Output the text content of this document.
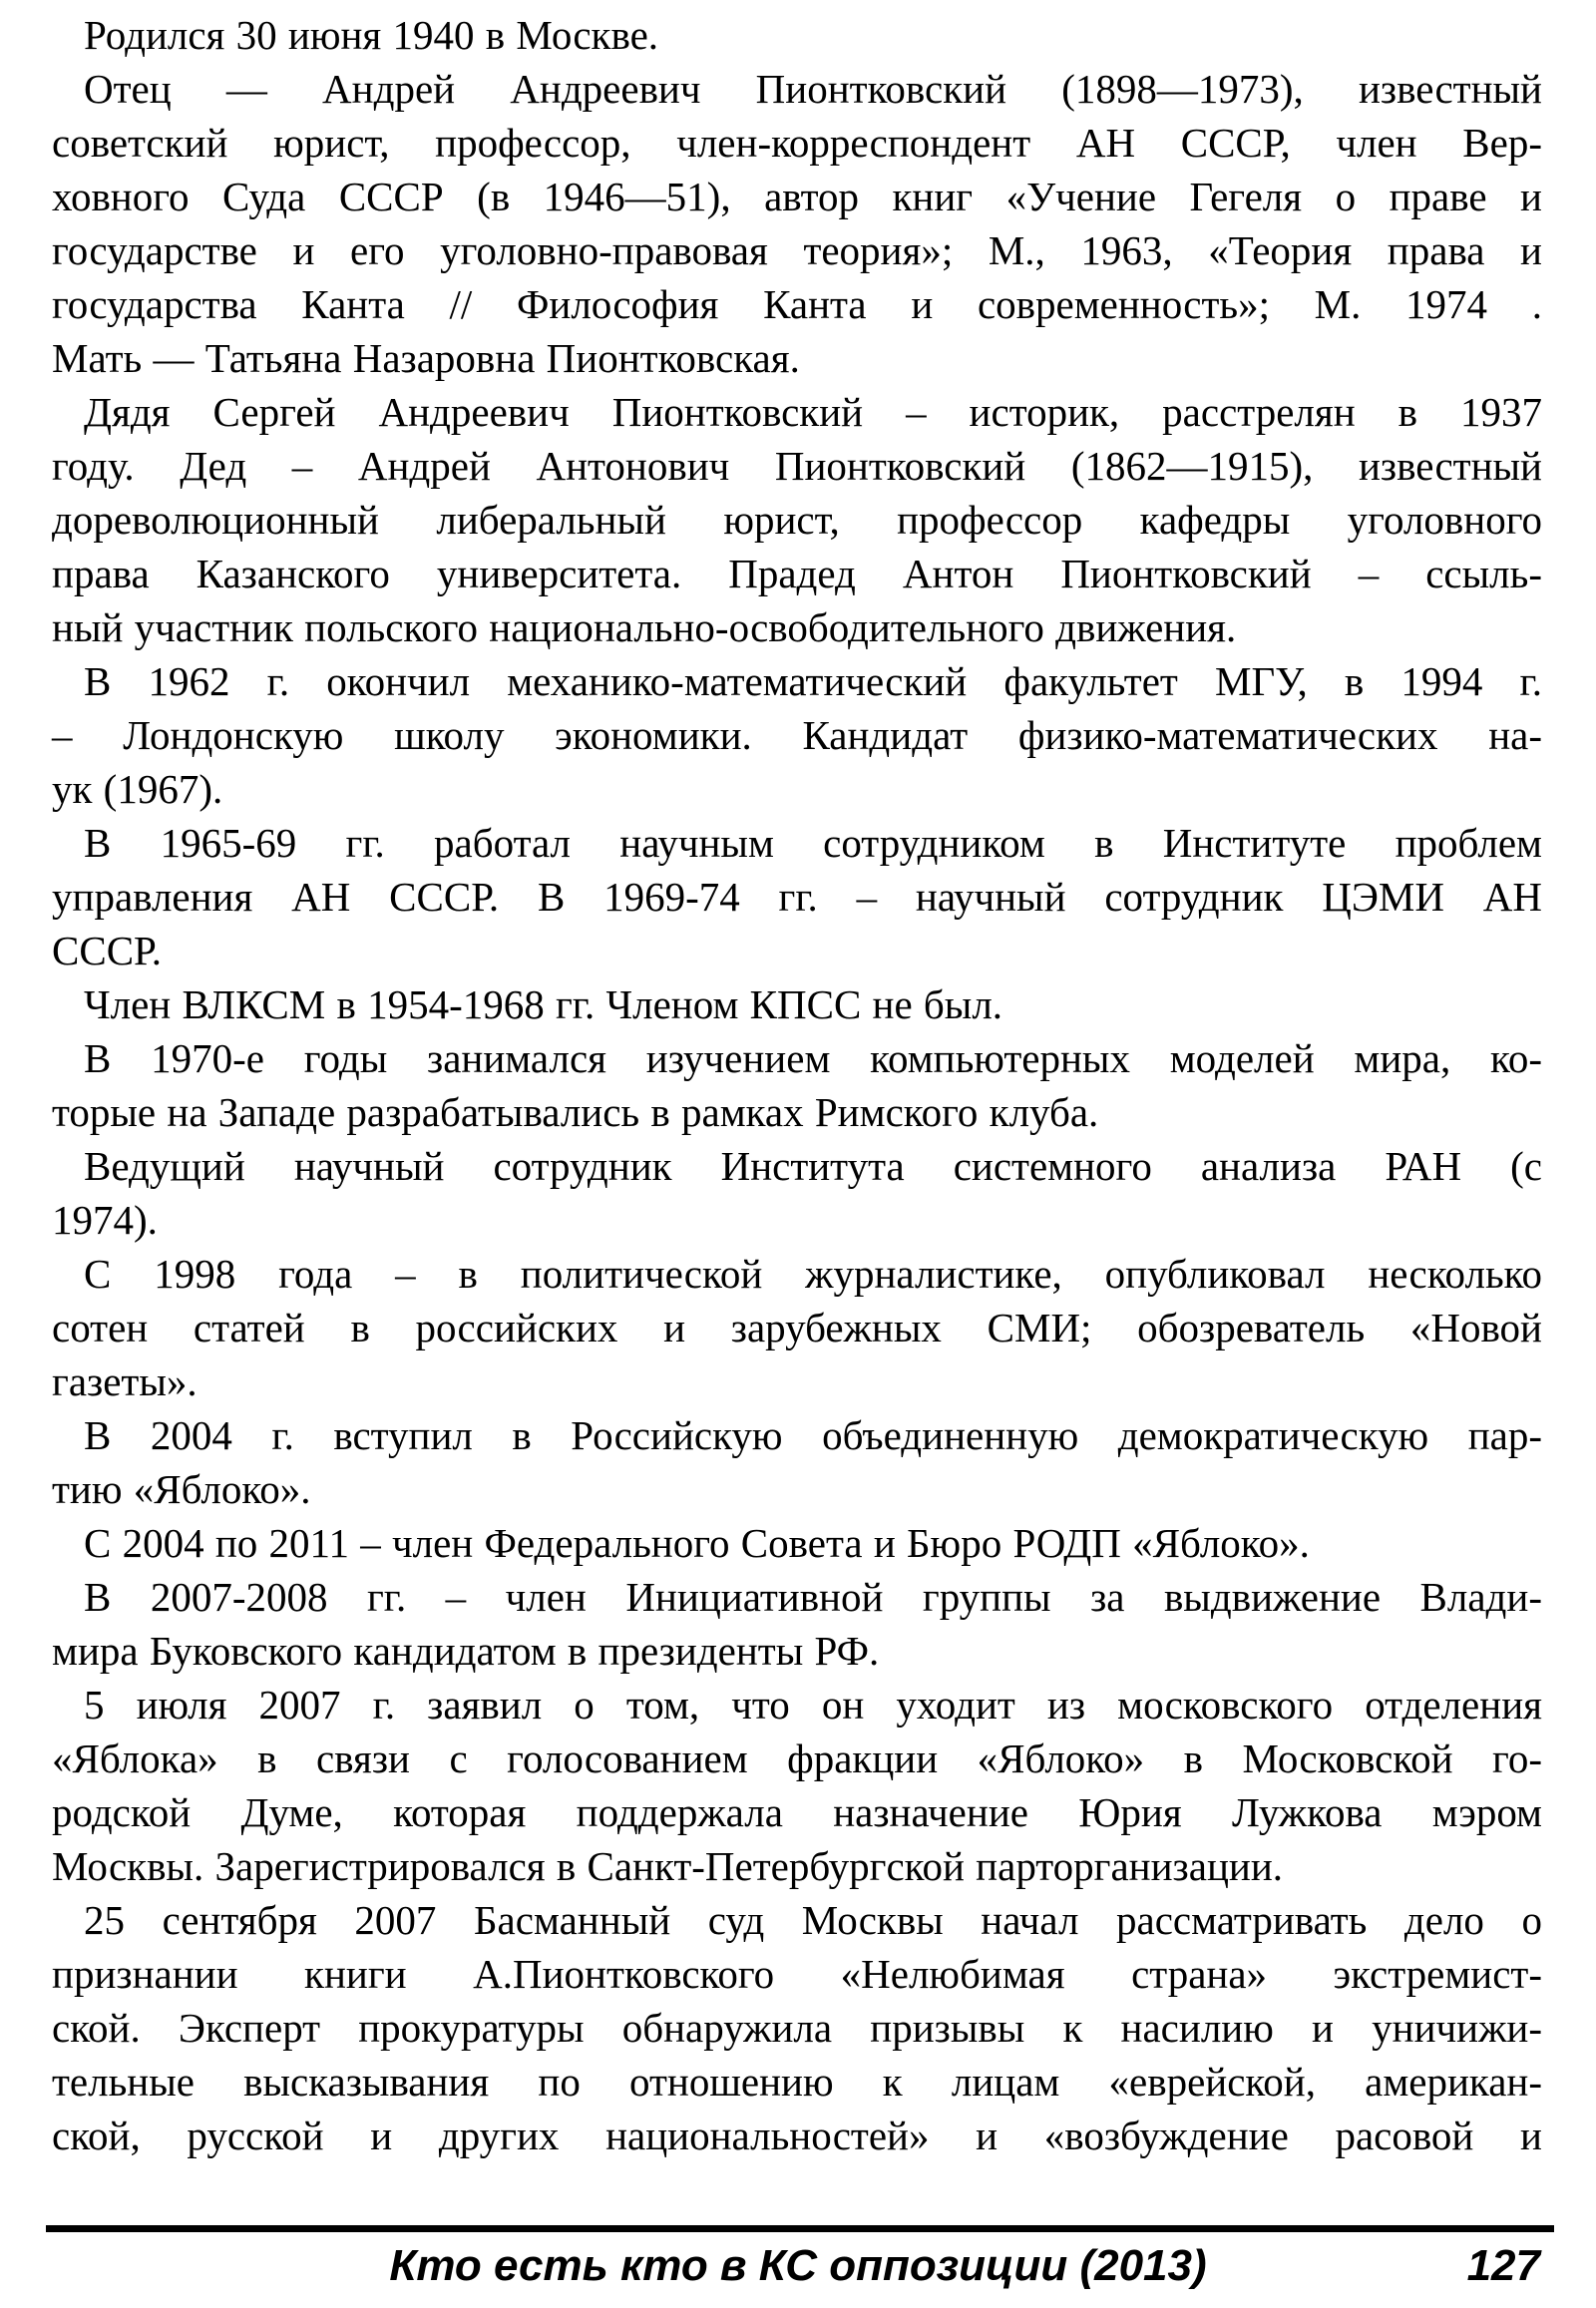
Родился 30 июня 1940 в Москве.
Отец — Андрей Андреевич Пионтковский (1898—1973), известный
советский юрист, профессор, член-корреспондент АН СССР, член Вер-
ховного Суда СССР (в 1946—51), автор книг «Учение Гегеля о праве и
государстве и его уголовно-правовая теория»; М., 1963, «Теория права и
государства Канта // Философия Канта и современность»; М. 1974 .
Мать — Татьяна Назаровна Пионтковская.
Дядя Сергей Андреевич Пионтковский – историк, расстрелян в 1937
году. Дед – Андрей Антонович Пионтковский (1862—1915), известный
дореволюционный либеральный юрист, профессор кафедры уголовного
права Казанского университета. Прадед Антон Пионтковский – ссыль-
ный участник польского национально-освободительного движения.
В 1962 г. окончил механико-математический факультет МГУ, в 1994 г.
– Лондонскую школу экономики. Кандидат физико-математических на-
ук (1967).
В 1965-69 гг. работал научным сотрудником в Институте проблем
управления АН СССР. В 1969-74 гг. – научный сотрудник ЦЭМИ АН
СССР.
Член ВЛКСМ в 1954-1968 гг. Членом КПСС не был.
В 1970-е годы занимался изучением компьютерных моделей мира, ко-
торые на Западе разрабатывались в рамках Римского клуба.
Ведущий научный сотрудник Института системного анализа РАН (с
1974).
С 1998 года – в политической журналистике, опубликовал несколько
сотен статей в российских и зарубежных СМИ; обозреватель «Новой
газеты».
В 2004 г. вступил в Российскую объединенную демократическую пар-
тию «Яблоко».
С 2004 по 2011 – член Федерального Совета и Бюро РОДП «Яблоко».
В 2007-2008 гг. – член Инициативной группы за выдвижение Влади-
мира Буковского кандидатом в президенты РФ.
5 июля 2007 г. заявил о том, что он уходит из московского отделения
«Яблока» в связи с голосованием фракции «Яблоко» в Московской го-
родской Думе, которая поддержала назначение Юрия Лужкова мэром
Москвы. Зарегистрировался в Санкт-Петербургской парторганизации.
25 сентября 2007 Басманный суд Москвы начал рассматривать дело о
признании книги А.Пионтковского «Нелюбимая страна» экстремист-
ской. Эксперт прокуратуры обнаружила призывы к насилию и уничижи-
тельные высказывания по отношению к лицам «еврейской, американ-
ской, русской и других национальностей» и «возбуждение расовой и
Кто есть кто в КС оппозиции (2013)	127
